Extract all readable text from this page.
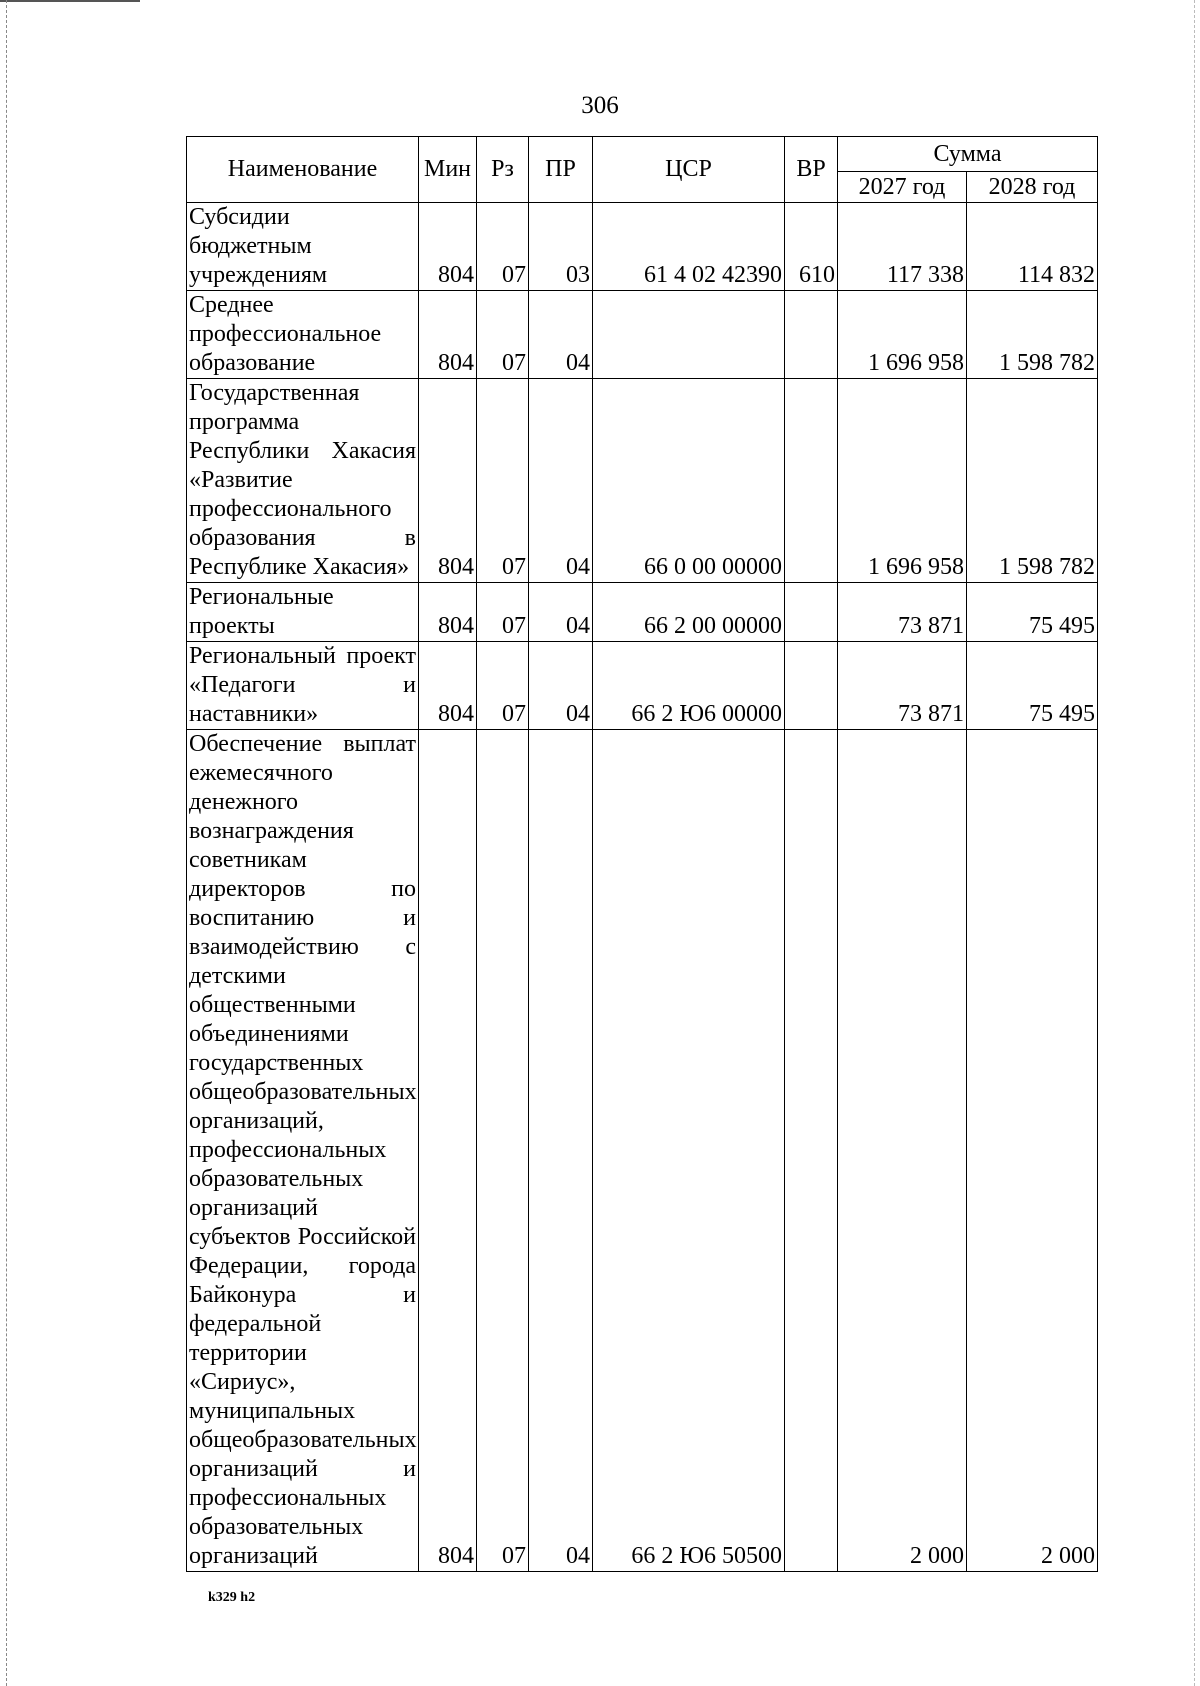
306
Наименование	Мин	Рз	ПР	ЦСР	ВР	Сумма	
						2027 год	2028 год
Субсидии бюджетным учреждениям	804	07	03	61 4 02 42390	610	117 338	114 832
Среднее профессиональное образование	804	07	04			1 696 958	1 598 782
Государственная программа Республики Хакасия «Развитие профессионального образования в Республике Хакасия»	804	07	04	66 0 00 00000		1 696 958	1 598 782
Региональные проекты	804	07	04	66 2 00 00000		73 871	75 495
Региональный проект «Педагоги и наставники»	804	07	04	66 2 Ю6 00000		73 871	75 495
Обеспечение выплат ежемесячного денежного вознаграждения советникам директоров по воспитанию и взаимодействию с детскими общественными объединениями государственных общеобразовательных организаций, профессиональных образовательных организаций субъектов Российской Федерации, города Байконура и федеральной территории «Сириус», муниципальных общеобразовательных организаций и профессиональных образовательных организаций	804	07	04	66 2 Ю6 50500		2 000	2 000
k329 h2
